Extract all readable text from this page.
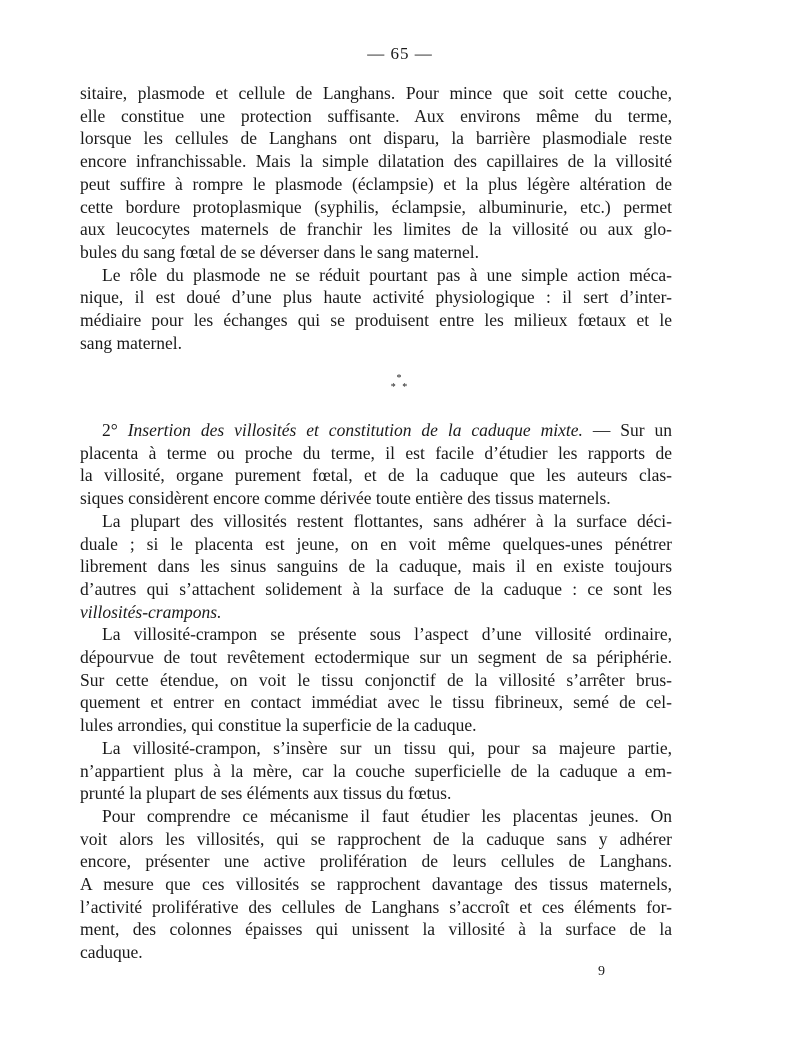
— 65 —
sitaire, plasmode et cellule de Langhans. Pour mince que soit cette couche,
elle constitue une protection suffisante. Aux environs même du terme,
lorsque les cellules de Langhans ont disparu, la barrière plasmodiale reste
encore infranchissable. Mais la simple dilatation des capillaires de la villosité
peut suffire à rompre le plasmode (éclampsie) et la plus légère altération de
cette bordure protoplasmique (syphilis, éclampsie, albuminurie, etc.) permet
aux leucocytes maternels de franchir les limites de la villosité ou aux glo-
bules du sang fœtal de se déverser dans le sang maternel.
Le rôle du plasmode ne se réduit pourtant pas à une simple action méca-
nique, il est doué d’une plus haute activité physiologique : il sert d’inter-
médiaire pour les échanges qui se produisent entre les milieux fœtaux et le
sang maternel.
*
* *
2° Insertion des villosités et constitution de la caduque mixte. — Sur un
placenta à terme ou proche du terme, il est facile d’étudier les rapports de
la villosité, organe purement fœtal, et de la caduque que les auteurs clas-
siques considèrent encore comme dérivée toute entière des tissus maternels.
La plupart des villosités restent flottantes, sans adhérer à la surface déci-
duale ; si le placenta est jeune, on en voit même quelques-unes pénétrer
librement dans les sinus sanguins de la caduque, mais il en existe toujours
d’autres qui s’attachent solidement à la surface de la caduque : ce sont les
villosités-crampons.
La villosité-crampon se présente sous l’aspect d’une villosité ordinaire,
dépourvue de tout revêtement ectodermique sur un segment de sa périphérie.
Sur cette étendue, on voit le tissu conjonctif de la villosité s’arrêter brus-
quement et entrer en contact immédiat avec le tissu fibrineux, semé de cel-
lules arrondies, qui constitue la superficie de la caduque.
La villosité-crampon, s’insère sur un tissu qui, pour sa majeure partie,
n’appartient plus à la mère, car la couche superficielle de la caduque a em-
prunté la plupart de ses éléments aux tissus du fœtus.
Pour comprendre ce mécanisme il faut étudier les placentas jeunes. On
voit alors les villosités, qui se rapprochent de la caduque sans y adhérer
encore, présenter une active prolifération de leurs cellules de Langhans.
A mesure que ces villosités se rapprochent davantage des tissus maternels,
l’activité proliférative des cellules de Langhans s’accroît et ces éléments for-
ment, des colonnes épaisses qui unissent la villosité à la surface de la
caduque.
9
